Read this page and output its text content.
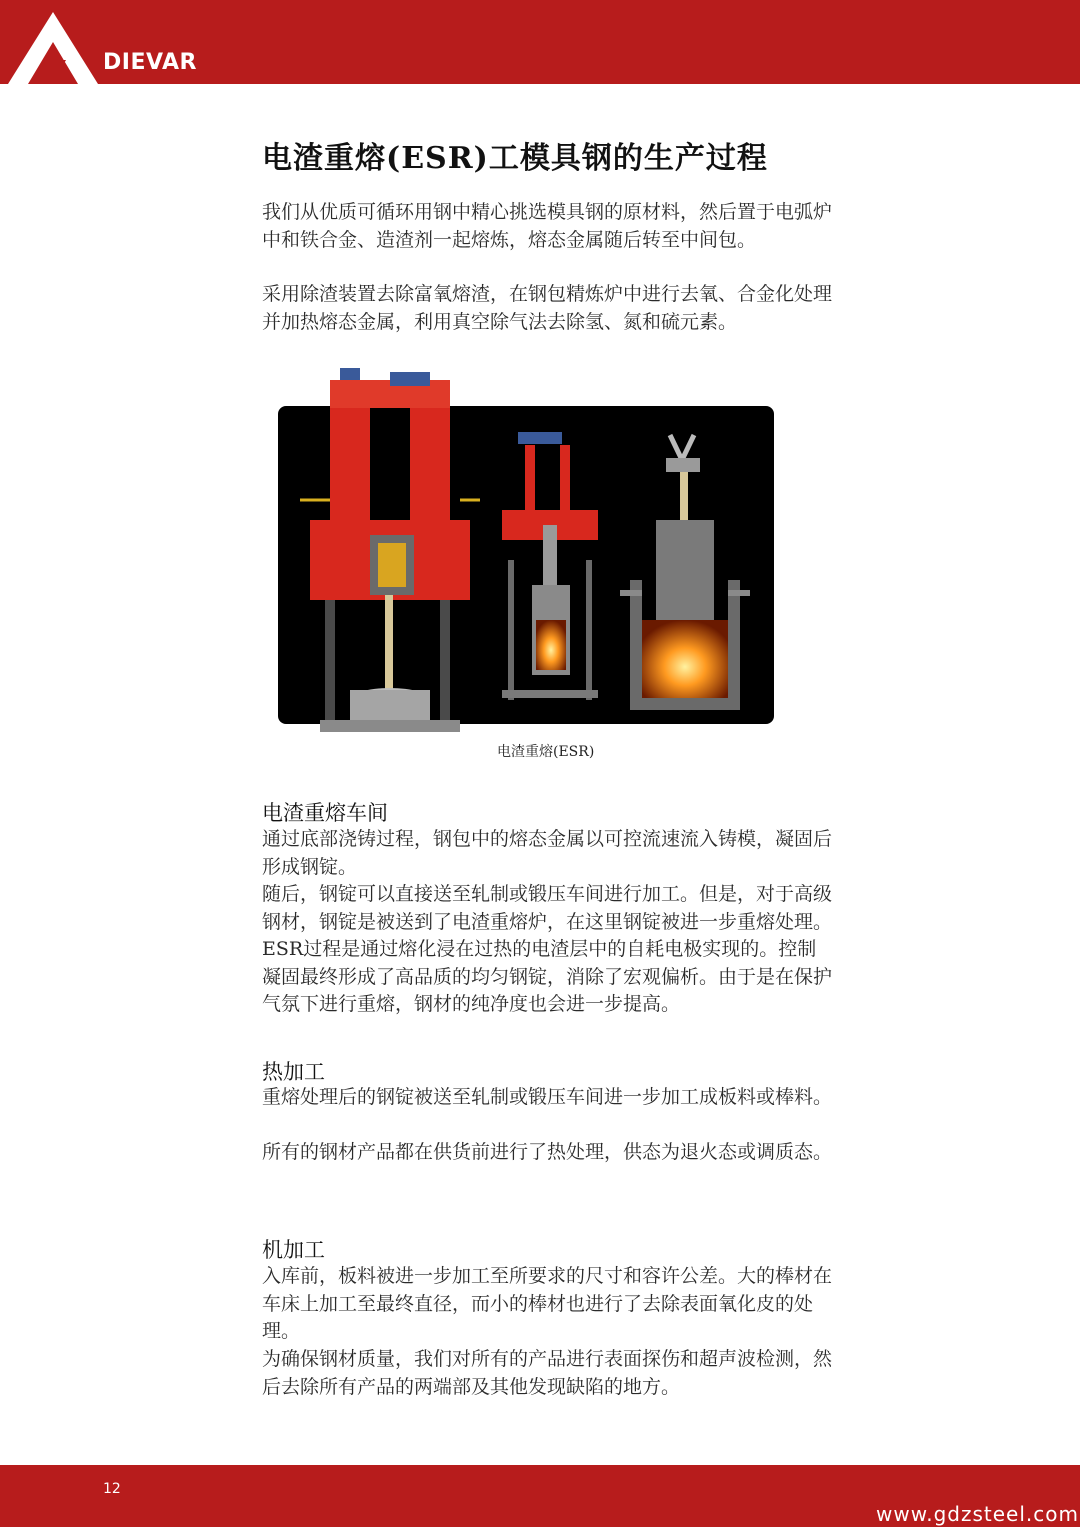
DIEVAR
电渣重熔(ESR)工模具钢的生产过程

我们从优质可循环用钢中精心挑选模具钢的原材料，然后置于电弧炉中和铁合金、造渣剂一起熔炼，熔态金属随后转至中间包。

采用除渣装置去除富氧熔渣，在钢包精炼炉中进行去氧、合金化处理并加热熔态金属，利用真空除气法去除氢、氮和硫元素。

电渣重熔(ESR)
电渣重熔车间

通过底部浇铸过程，钢包中的熔态金属以可控流速流入铸模，凝固后形成钢锭。

随后，钢锭可以直接送至轧制或锻压车间进行加工。但是，对于高级钢材，钢锭是被送到了电渣重熔炉，在这里钢锭被进一步重熔处理。ESR过程是通过熔化浸在过热的电渣层中的自耗电极实现的。控制凝固最终形成了高品质的均匀钢锭，消除了宏观偏析。由于是在保护气氛下进行重熔，钢材的纯净度也会进一步提高。

热加工

重熔处理后的钢锭被送至轧制或锻压车间进一步加工成板料或棒料。

所有的钢材产品都在供货前进行了热处理，供态为退火态或调质态。

机加工

入库前，板料被进一步加工至所要求的尺寸和容许公差。大的棒材在车床上加工至最终直径，而小的棒材也进行了去除表面氧化皮的处理。

为确保钢材质量，我们对所有的产品进行表面探伤和超声波检测，然后去除所有产品的两端部及其他发现缺陷的地方。

12
www.gdzsteel.com
